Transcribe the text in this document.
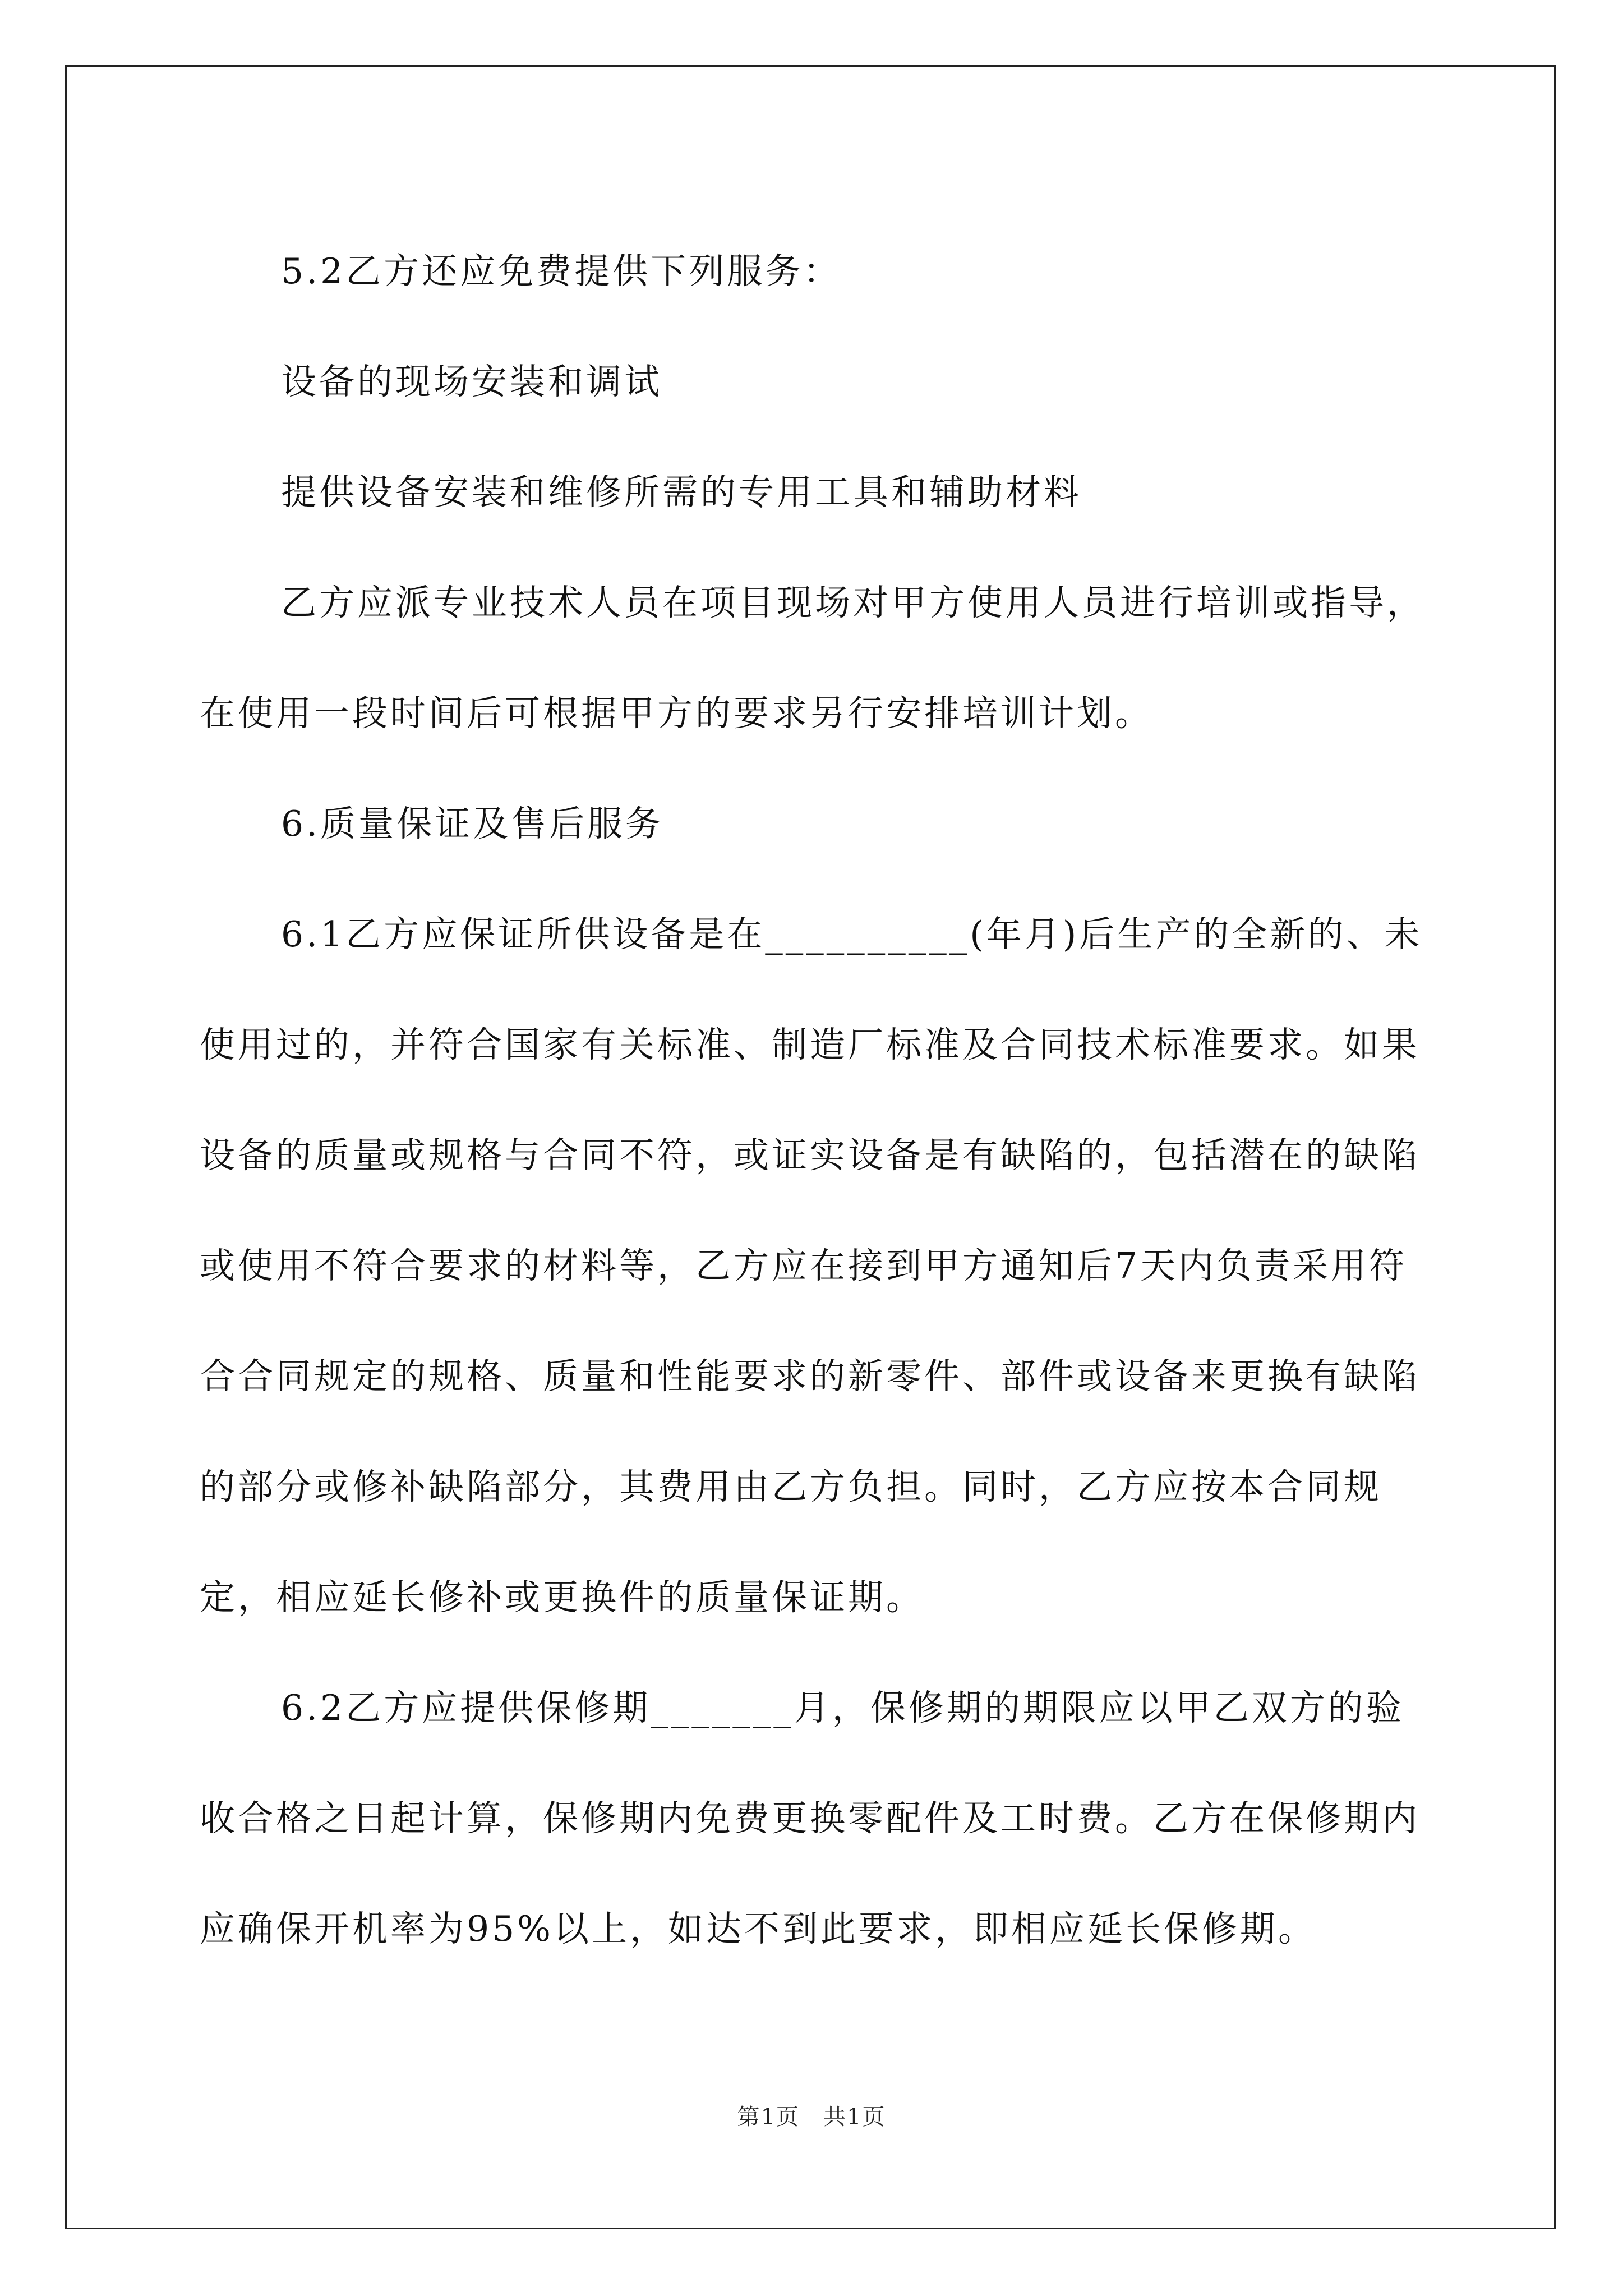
5.2乙方还应免费提供下列服务：

设备的现场安装和调试

提供设备安装和维修所需的专用工具和辅助材料

乙方应派专业技术人员在项目现场对甲方使用人员进行培训或指导，在使用一段时间后可根据甲方的要求另行安排培训计划。

6.质量保证及售后服务

6.1乙方应保证所供设备是在__________(年月)后生产的全新的、未使用过的，并符合国家有关标准、制造厂标准及合同技术标准要求。如果设备的质量或规格与合同不符，或证实设备是有缺陷的，包括潜在的缺陷或使用不符合要求的材料等，乙方应在接到甲方通知后7天内负责采用符合合同规定的规格、质量和性能要求的新零件、部件或设备来更换有缺陷的部分或修补缺陷部分，其费用由乙方负担。同时，乙方应按本合同规定，相应延长修补或更换件的质量保证期。

6.2乙方应提供保修期_______月，保修期的期限应以甲乙双方的验收合格之日起计算，保修期内免费更换零配件及工时费。乙方在保修期内应确保开机率为95%以上，如达不到此要求，即相应延长保修期。

第1页　共1页
